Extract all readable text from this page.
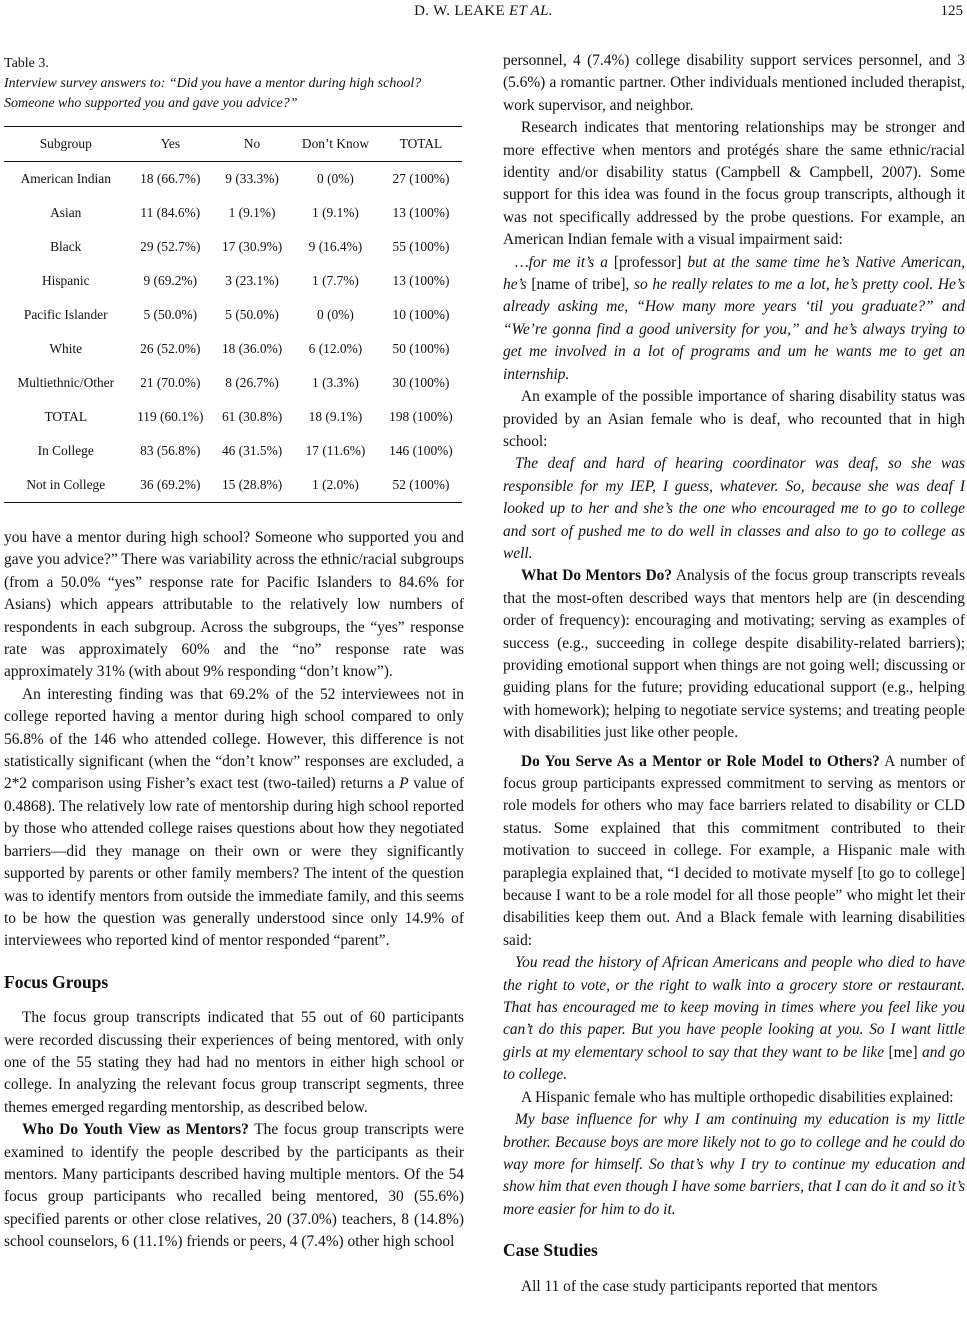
D. W. LEAKE ET AL.	125
Table 3.
Interview survey answers to: “Did you have a mentor during high school? Someone who supported you and gave you advice?”
Subgroup	Yes	No	Don’t Know	TOTAL
American Indian	18 (66.7%)	9 (33.3%)	0 (0%)	27 (100%)
Asian	11 (84.6%)	1 (9.1%)	1 (9.1%)	13 (100%)
Black	29 (52.7%)	17 (30.9%)	9 (16.4%)	55 (100%)
Hispanic	9 (69.2%)	3 (23.1%)	1 (7.7%)	13 (100%)
Pacific Islander	5 (50.0%)	5 (50.0%)	0 (0%)	10 (100%)
White	26 (52.0%)	18 (36.0%)	6 (12.0%)	50 (100%)
Multiethnic/Other	21 (70.0%)	8 (26.7%)	1 (3.3%)	30 (100%)
TOTAL	119 (60.1%)	61 (30.8%)	18 (9.1%)	198 (100%)
In College	83 (56.8%)	46 (31.5%)	17 (11.6%)	146 (100%)
Not in College	36 (69.2%)	15 (28.8%)	1 (2.0%)	52 (100%)

you have a mentor during high school? Someone who supported you and gave you advice?” There was variability across the ethnic/racial subgroups (from a 50.0% “yes” response rate for Pacific Islanders to 84.6% for Asians) which appears attributable to the relatively low numbers of respondents in each subgroup. Across the subgroups, the “yes” response rate was approximately 60% and the “no” response rate was approximately 31% (with about 9% responding “don’t know”).

An interesting finding was that 69.2% of the 52 interviewees not in college reported having a mentor during high school compared to only 56.8% of the 146 who attended college. However, this difference is not statistically significant (when the “don’t know” responses are excluded, a 2*2 comparison using Fisher’s exact test (two-tailed) returns a P value of 0.4868). The relatively low rate of mentorship during high school reported by those who attended college raises questions about how they negotiated barriers—did they manage on their own or were they significantly supported by parents or other family members? The intent of the question was to identify mentors from outside the immediate family, and this seems to be how the question was generally understood since only 14.9% of interviewees who reported kind of mentor responded “parent”.

Focus Groups

The focus group transcripts indicated that 55 out of 60 participants were recorded discussing their experiences of being mentored, with only one of the 55 stating they had had no mentors in either high school or college. In analyzing the relevant focus group transcript segments, three themes emerged regarding mentorship, as described below.

Who Do Youth View as Mentors? The focus group transcripts were examined to identify the people described by the participants as their mentors. Many participants described having multiple mentors. Of the 54 focus group participants who recalled being mentored, 30 (55.6%) specified parents or other close relatives, 20 (37.0%) teachers, 8 (14.8%) school counselors, 6 (11.1%) friends or peers, 4 (7.4%) other high school

personnel, 4 (7.4%) college disability support services personnel, and 3 (5.6%) a romantic partner. Other individuals mentioned included therapist, work supervisor, and neighbor.

Research indicates that mentoring relationships may be stronger and more effective when mentors and protégés share the same ethnic/racial identity and/or disability status (Campbell & Campbell, 2007). Some support for this idea was found in the focus group transcripts, although it was not specifically addressed by the probe questions. For example, an American Indian female with a visual impairment said:

…for me it’s a [professor] but at the same time he’s Native American, he’s [name of tribe], so he really relates to me a lot, he’s pretty cool. He’s already asking me, “How many more years ‘til you graduate?” and “We’re gonna find a good university for you,” and he’s always trying to get me involved in a lot of programs and um he wants me to get an internship.

An example of the possible importance of sharing disability status was provided by an Asian female who is deaf, who recounted that in high school:

The deaf and hard of hearing coordinator was deaf, so she was responsible for my IEP, I guess, whatever. So, because she was deaf I looked up to her and she’s the one who encouraged me to go to college and sort of pushed me to do well in classes and also to go to college as well.

What Do Mentors Do? Analysis of the focus group transcripts reveals that the most-often described ways that mentors help are (in descending order of frequency): encouraging and motivating; serving as examples of success (e.g., succeeding in college despite disability-related barriers); providing emotional support when things are not going well; discussing or guiding plans for the future; providing educational support (e.g., helping with homework); helping to negotiate service systems; and treating people with disabilities just like other people.

Do You Serve As a Mentor or Role Model to Others? A number of focus group participants expressed commitment to serving as mentors or role models for others who may face barriers related to disability or CLD status. Some explained that this commitment contributed to their motivation to succeed in college. For example, a Hispanic male with paraplegia explained that, “I decided to motivate myself [to go to college] because I want to be a role model for all those people” who might let their disabilities keep them out. And a Black female with learning disabilities said:

You read the history of African Americans and people who died to have the right to vote, or the right to walk into a grocery store or restaurant. That has encouraged me to keep moving in times where you feel like you can’t do this paper. But you have people looking at you. So I want little girls at my elementary school to say that they want to be like [me] and go to college.

A Hispanic female who has multiple orthopedic disabilities explained:

My base influence for why I am continuing my education is my little brother. Because boys are more likely not to go to college and he could do way more for himself. So that’s why I try to continue my education and show him that even though I have some barriers, that I can do it and so it’s more easier for him to do it.

Case Studies

All 11 of the case study participants reported that mentors
